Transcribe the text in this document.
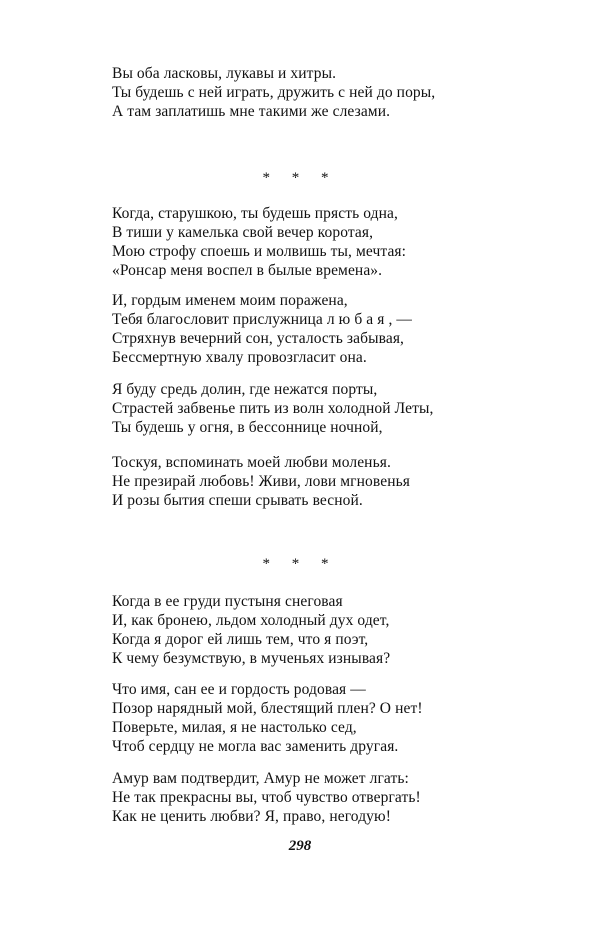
Вы оба ласковы, лукавы и хитры.
Ты будешь с ней играть, дружить с ней до поры,
А там заплатишь мне такими же слезами.
* * *
Когда, старушкою, ты будешь прясть одна,
В тиши у камелька свой вечер коротая,
Мою строфу споешь и молвишь ты, мечтая:
«Ронсар меня воспел в былые времена».
И, гордым именем моим поражена,
Тебя благословит прислужница л ю б а я , —
Стряхнув вечерний сон, усталость забывая,
Бессмертную хвалу провозгласит она.
Я буду средь долин, где нежатся порты,
Страстей забвенье пить из волн холодной Леты,
Ты будешь у огня, в бессоннице ночной,
Тоскуя, вспоминать моей любви моленья.
Не презирай любовь! Живи, лови мгновенья
И розы бытия спеши срывать весной.
* * *
Когда в ее груди пустыня снеговая
И, как бронею, льдом холодный дух одет,
Когда я дорог ей лишь тем, что я поэт,
К чему безумствую, в мученьях изнывая?
Что имя, сан ее и гордость родовая —
Позор нарядный мой, блестящий плен? О нет!
Поверьте, милая, я не настолько сед,
Чтоб сердцу не могла вас заменить другая.
Амур вам подтвердит, Амур не может лгать:
Не так прекрасны вы, чтоб чувство отвергать!
Как не ценить любви? Я, право, негодую!
298
